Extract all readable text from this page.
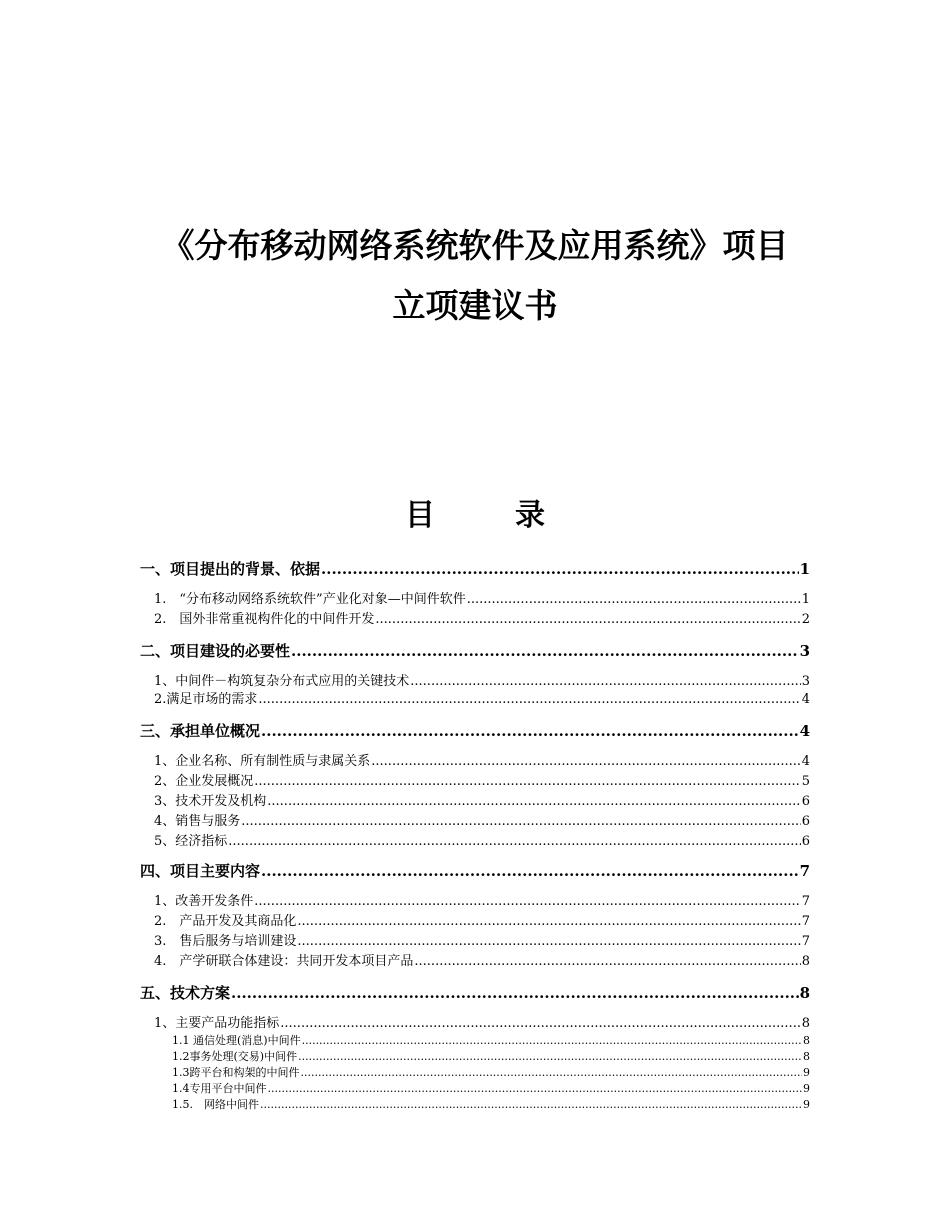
《分布移动网络系统软件及应用系统》项目
立项建议书
目	录
一、项目提出的背景、依据 .....	1
1.　“分布移动网络系统软件”产业化对象—中间件软件 .....	1
2.　国外非常重视构件化的中间件开发 .....	2
二、项目建设的必要性 .....	3
1、中间件－构筑复杂分布式应用的关键技术 .....	3
2.满足市场的需求 .....	4
三、承担单位概况 .....	4
1、企业名称、所有制性质与隶属关系 .....	4
2、企业发展概况 .....	5
3、技术开发及机构 .....	6
4、销售与服务 .....	6
5、经济指标 .....	6
四、项目主要内容 .....	7
1、改善开发条件 .....	7
2.　产品开发及其商品化 .....	7
3.　售后服务与培训建设 .....	7
4.　产学研联合体建设：共同开发本项目产品 .....	8
五、技术方案 .....	8
1、主要产品功能指标 .....	8
1.1 通信处理(消息)中间件 .....	8
1.2事务处理(交易)中间件 .....	8
1.3跨平台和构架的中间件 .....	9
1.4专用平台中间件 .....	9
1.5.　网络中间件 .....	9
